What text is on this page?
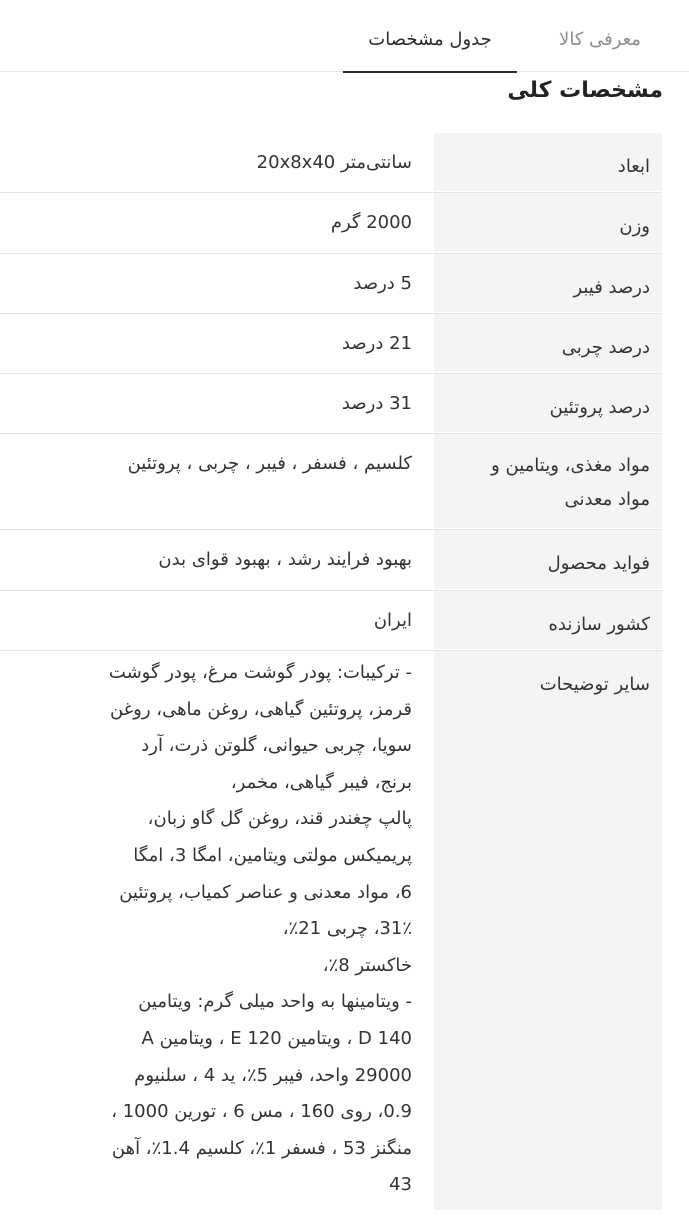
معرفی کالا
جدول مشخصات
مشخصات کلی
ابعاد
سانتی‌متر 20x8x40
وزن
2000 گرم
درصد فیبر
5 درصد
درصد چربی
21 درصد
درصد پروتئین
31 درصد
مواد مغذی، ویتامین و مواد معدنی
کلسیم ، فسفر ، فیبر ، چربی ، پروتئین
فواید محصول
بهبود فرایند رشد ، بهبود قوای بدن
کشور سازنده
ایران
سایر توضیحات
- ترکیبات: پودر گوشت مرغ، پودر گوشت
قرمز، پروتئین گیاهی، روغن ماهی، روغن
سویا، چربی حیوانی، گلوتن ذرت، آرد
برنج، فیبر گیاهی، مخمر،
پالپ چغندر قند، روغن گل گاو زبان،
پریمیکس مولتی ویتامین، امگا 3، امگا
6، مواد معدنی و عناصر کمیاب، پروتئین
31٪، چربی 21٪،
خاکستر 8٪،
- ویتامینها به واحد میلی گرم: ویتامین
D 140 ، ویتامین E 120 ، ویتامین A
29000 واحد، فیبر 5٪، ید 4 ، سلنیوم
0.9، روی 160 ، مس 6 ، تورین 1000 ،
منگنز 53 ، فسفر 1٪، کلسیم 1.4٪، آهن
43
